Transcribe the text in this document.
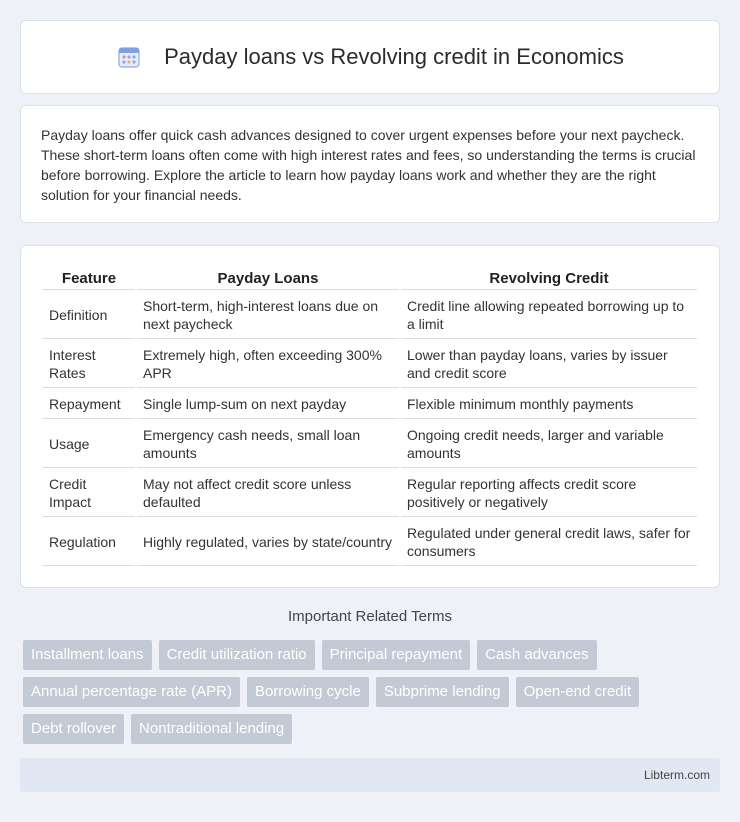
Payday loans vs Revolving credit in Economics

Payday loans offer quick cash advances designed to cover urgent expenses before your next paycheck. These short-term loans often come with high interest rates and fees, so understanding the terms is crucial before borrowing. Explore the article to learn how payday loans work and whether they are the right solution for your financial needs.

Feature	Payday Loans	Revolving Credit
Definition	Short-term, high-interest loans due on next paycheck	Credit line allowing repeated borrowing up to a limit
Interest Rates	Extremely high, often exceeding 300% APR	Lower than payday loans, varies by issuer and credit score
Repayment	Single lump-sum on next payday	Flexible minimum monthly payments
Usage	Emergency cash needs, small loan amounts	Ongoing credit needs, larger and variable amounts
Credit Impact	May not affect credit score unless defaulted	Regular reporting affects credit score positively or negatively
Regulation	Highly regulated, varies by state/country	Regulated under general credit laws, safer for consumers
Important Related Terms
Installment loans	Credit utilization ratio	Principal repayment	Cash advances
Annual percentage rate (APR)	Borrowing cycle	Subprime lending	Open-end credit
Debt rollover	Nontraditional lending
Libterm.com
